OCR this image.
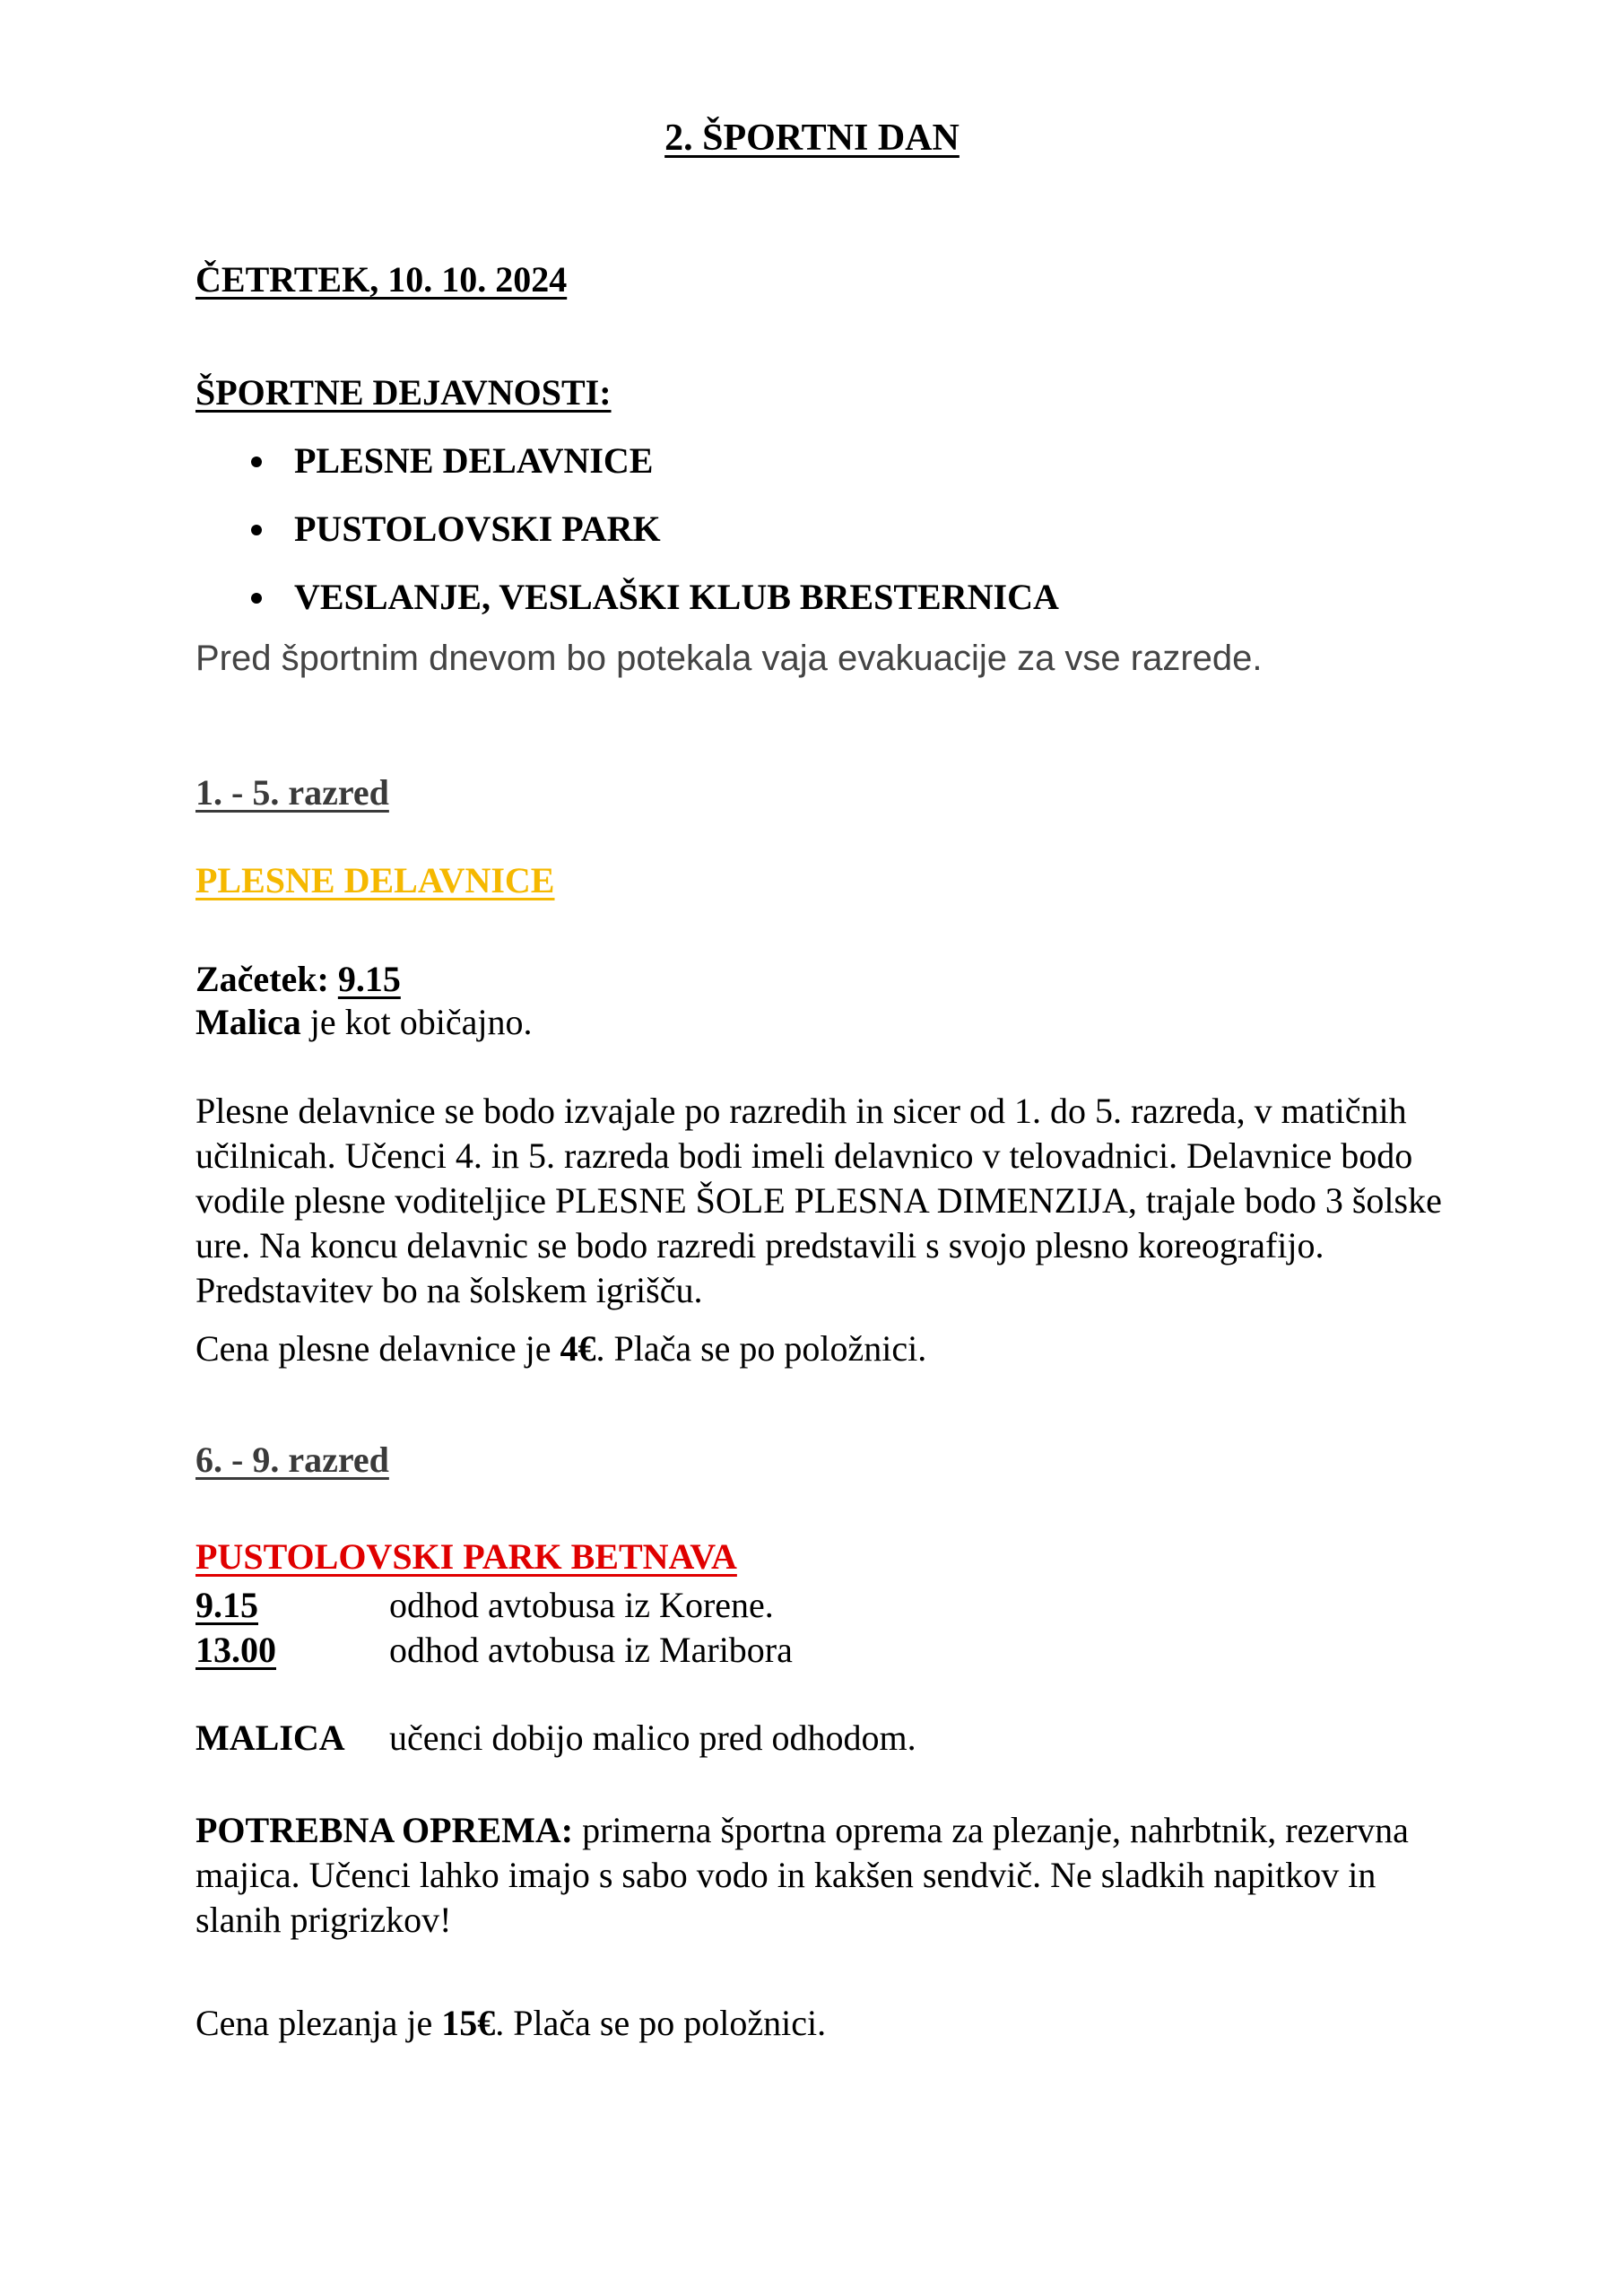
2. ŠPORTNI DAN
ČETRTEK, 10. 10. 2024
ŠPORTNE DEJAVNOSTI:
PLESNE DELAVNICE
PUSTOLOVSKI PARK
VESLANJE, VESLAŠKI KLUB BRESTERNICA
Pred športnim dnevom bo potekala vaja evakuacije za vse razrede.
1. - 5. razred
PLESNE DELAVNICE
Začetek: 9.15
Malica je kot običajno.
Plesne delavnice se bodo izvajale po razredih in sicer od 1. do 5. razreda, v matičnih učilnicah. Učenci 4. in 5. razreda bodi imeli delavnico v telovadnici. Delavnice bodo vodile plesne voditeljice PLESNE ŠOLE PLESNA DIMENZIJA, trajale bodo 3 šolske ure. Na koncu delavnic se bodo razredi predstavili s svojo plesno koreografijo. Predstavitev bo na šolskem igrišču.
Cena plesne delavnice je 4€. Plača se po položnici.
6. - 9. razred
PUSTOLOVSKI PARK BETNAVA
9.15	odhod avtobusa iz Korene.
13.00	odhod avtobusa iz Maribora
MALICA učenci dobijo malico pred odhodom.
POTREBNA OPREMA: primerna športna oprema za plezanje, nahrbtnik, rezervna majica. Učenci lahko imajo s sabo vodo in kakšen sendvič. Ne sladkih napitkov in slanih prigrizkov!
Cena plezanja je 15€. Plača se po položnici.
